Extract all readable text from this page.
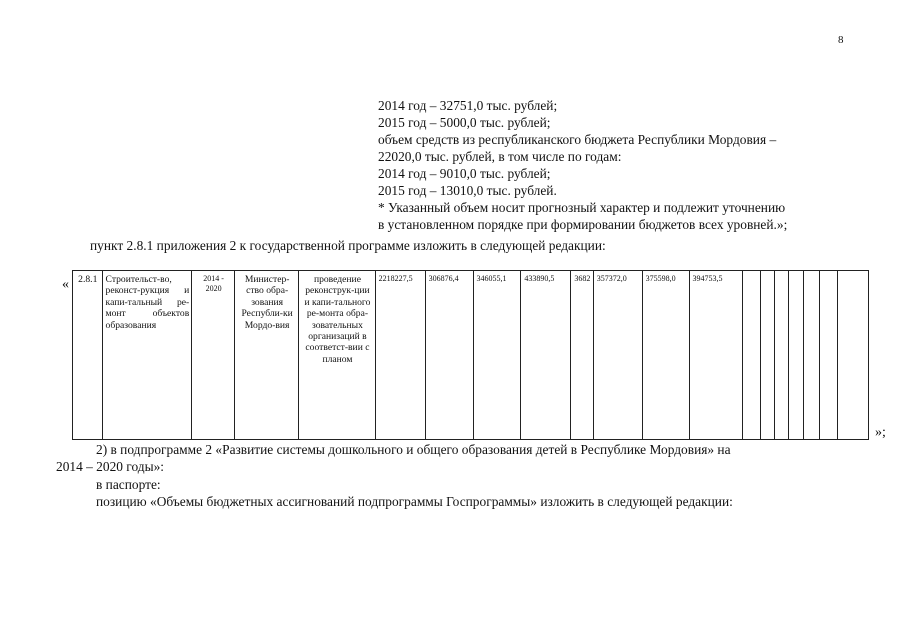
8
2014 год – 32751,0 тыс. рублей;
2015 год – 5000,0 тыс. рублей;
объем средств из республиканского бюджета Республики Мордовия –
22020,0 тыс. рублей, в том числе по годам:
2014 год – 9010,0 тыс. рублей;
2015 год – 13010,0 тыс. рублей.
* Указанный объем носит прогнозный характер и подлежит уточнению
в установленном порядке при формировании бюджетов всех уровней.»;
пункт 2.8.1 приложения 2 к государственной программе изложить в следующей редакции:
« 2.8.1	Строительст-во, реконст-рукция и капи-тальный ре-монт объектов образования	2014 - 2020	Министер-ство обра-зования Республи-ки Мордо-вия	проведение реконструк-ции и капи-тального ре-монта обра-зовательных организаций в соответст-вии с планом	2218227,5	306876,4	346055,1	433890,5	3682	357372,0	375598,0	394753,5							
»;
2) в подпрограмме 2 «Развитие системы дошкольного и общего образования детей в Республике Мордовия» на
2014 – 2020 годы»:
в паспорте:
позицию «Объемы бюджетных ассигнований подпрограммы Госпрограммы» изложить в следующей редакции:
